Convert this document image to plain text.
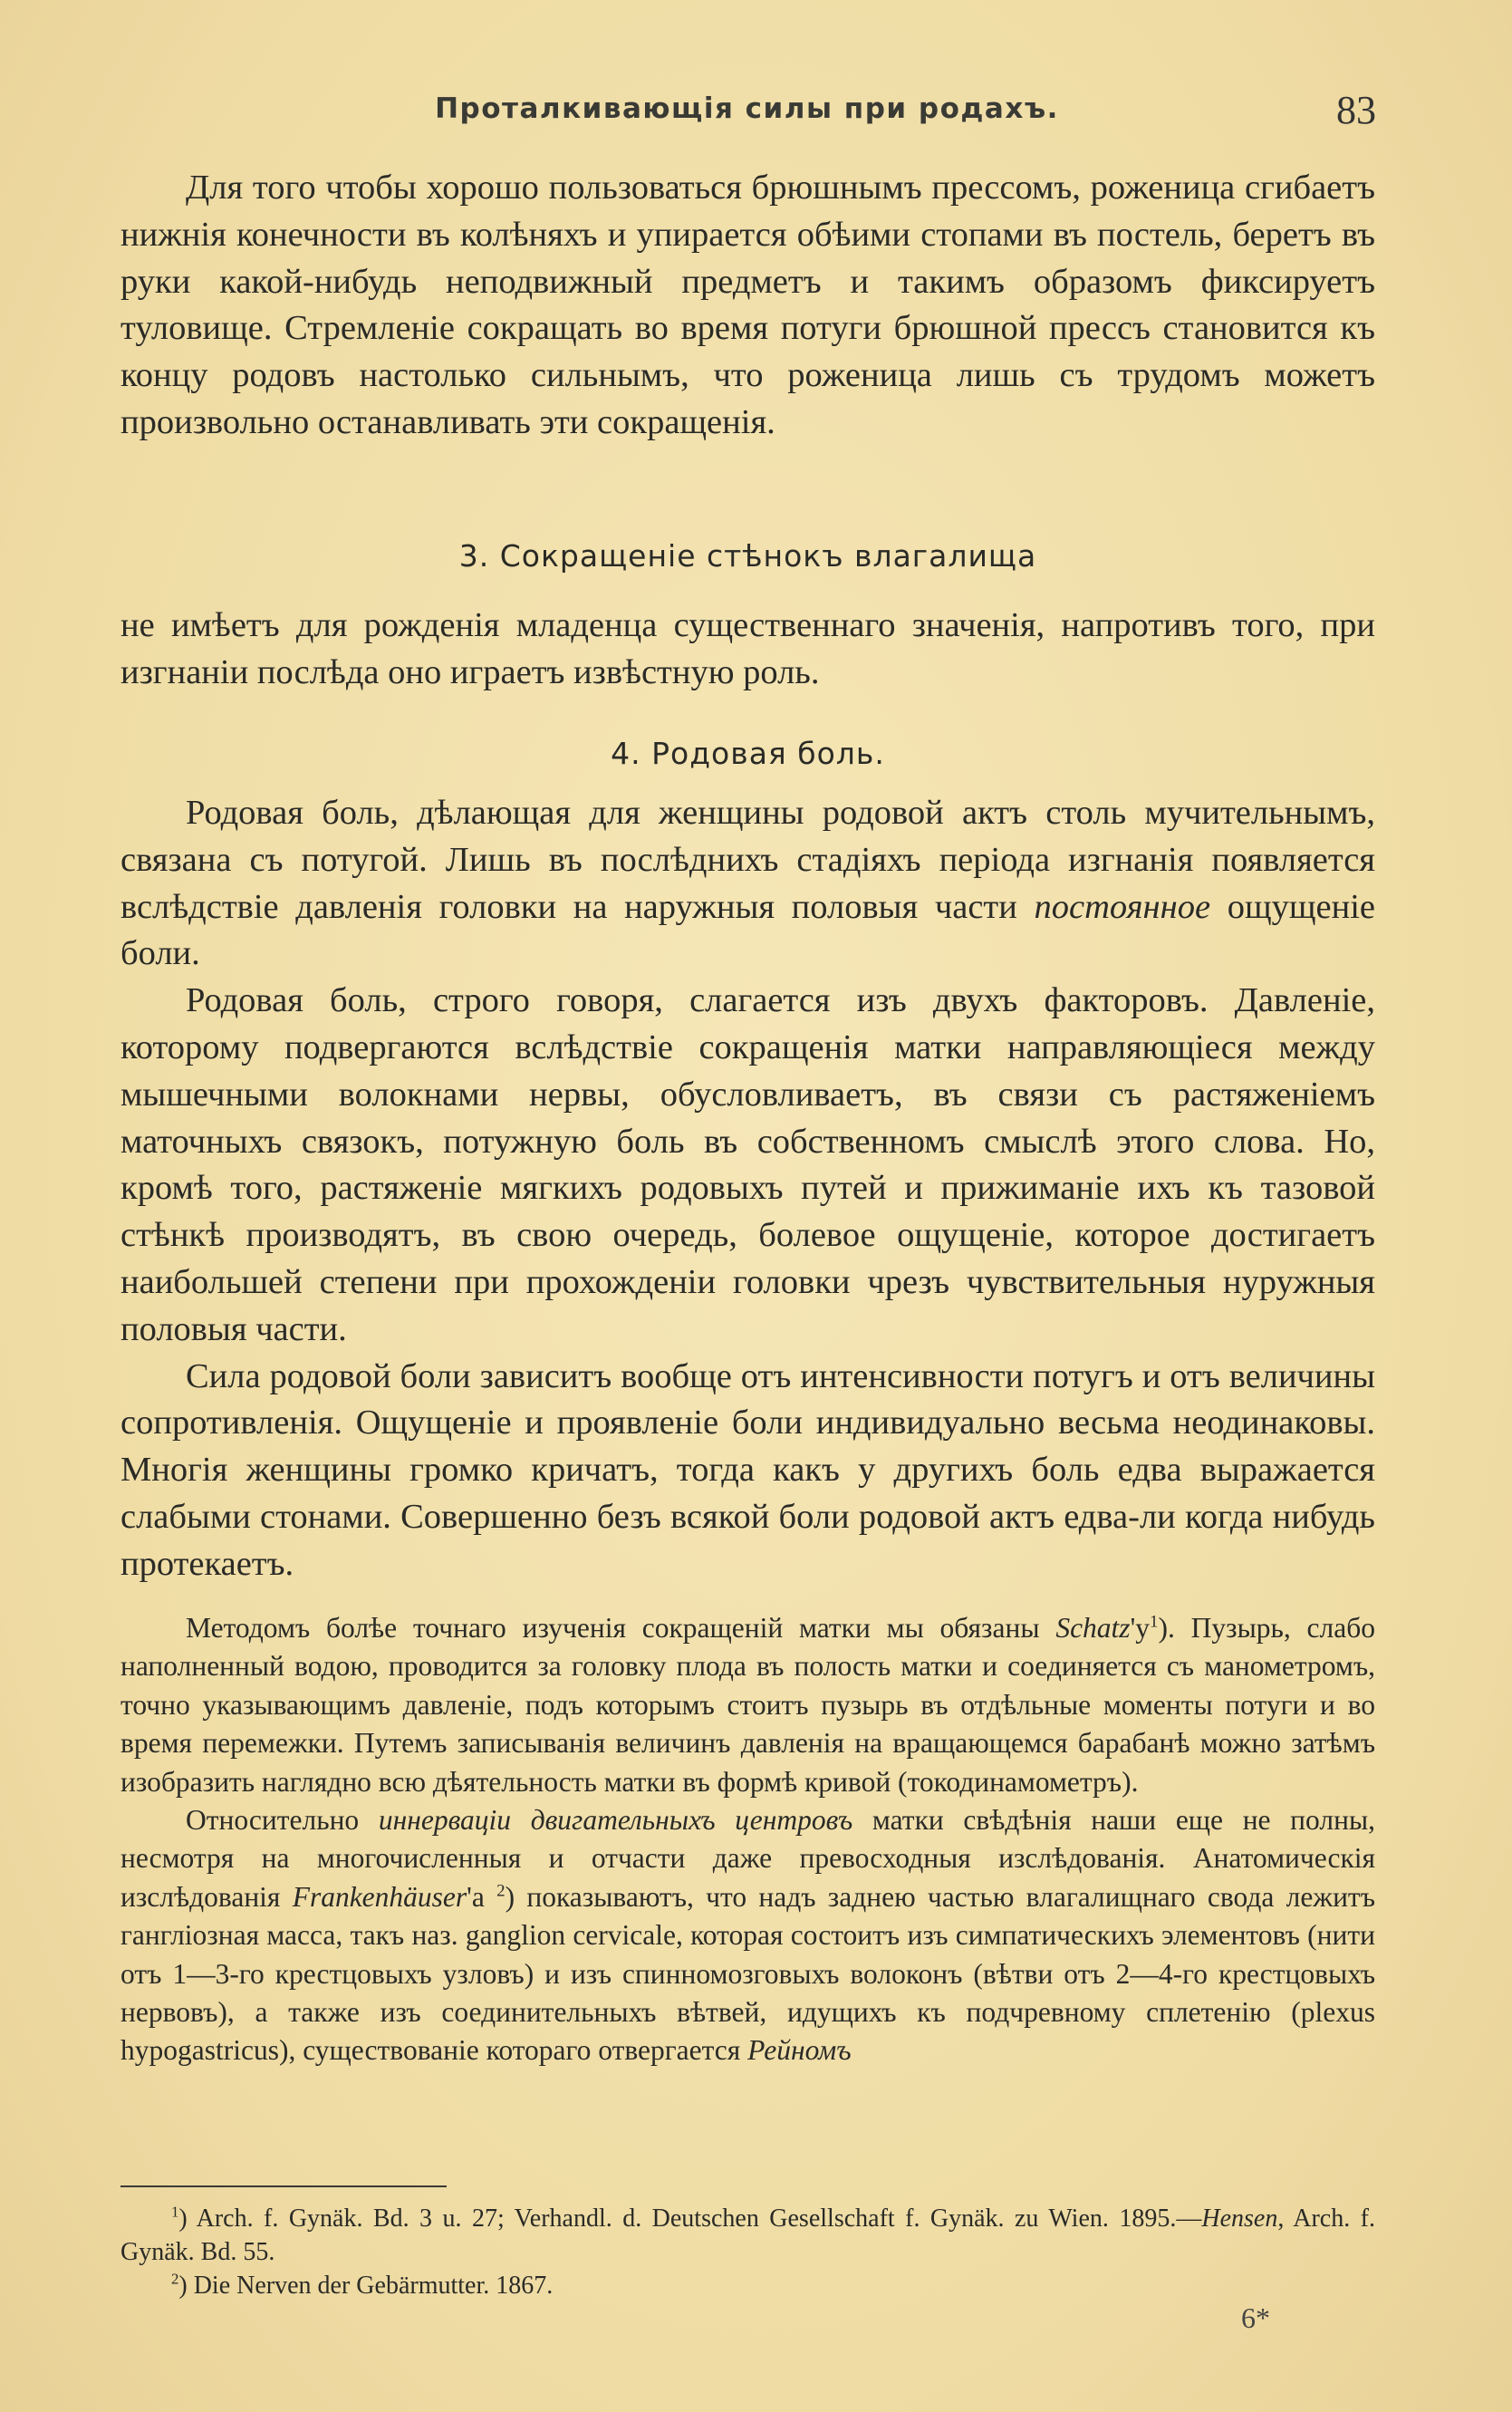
Проталкивающія силы при родахъ.	83

Для того чтобы хорошо пользоваться брюшнымъ прессомъ, роженица сгибаетъ нижнія конечности въ колѣняхъ и упирается обѣими стопами въ постель, беретъ въ руки какой-нибудь неподвижный предметъ и такимъ образомъ фиксируетъ туловище. Стремленіе сокращать во время потуги брюшной прессъ становится къ концу родовъ настолько сильнымъ, что роженица лишь съ трудомъ можетъ произвольно останавливать эти сокращенія.

3. Сокращеніе стѣнокъ влагалища

не имѣетъ для рожденія младенца существеннаго значенія, напротивъ того, при изгнаніи послѣда оно играетъ извѣстную роль.

4. Родовая боль.

Родовая боль, дѣлающая для женщины родовой актъ столь мучительнымъ, связана съ потугой. Лишь въ послѣднихъ стадіяхъ періода изгнанія появляется вслѣдствіе давленія головки на наружныя половыя части постоянное ощущеніе боли.

Родовая боль, строго говоря, слагается изъ двухъ факторовъ. Давленіе, которому подвергаются вслѣдствіе сокращенія матки направляющіеся между мышечными волокнами нервы, обусловливаетъ, въ связи съ растяженіемъ маточныхъ связокъ, потужную боль въ собственномъ смыслѣ этого слова. Но, кромѣ того, растяженіе мягкихъ родовыхъ путей и прижиманіе ихъ къ тазовой стѣнкѣ производятъ, въ свою очередь, болевое ощущеніе, которое достигаетъ наибольшей степени при прохожденіи головки чрезъ чувствительныя нуружныя половыя части.

Сила родовой боли зависитъ вообще отъ интенсивности потугъ и отъ величины сопротивленія. Ощущеніе и проявленіе боли индивидуально весьма неодинаковы. Многія женщины громко кричатъ, тогда какъ у другихъ боль едва выражается слабыми стонами. Совершенно безъ всякой боли родовой актъ едва-ли когда нибудь протекаетъ.

Методомъ болѣе точнаго изученія сокращеній матки мы обязаны $Schatz'у^1$). Пузырь, слабо наполненный водою, проводится за головку плода въ полость матки и соединяется съ манометромъ, точно указывающимъ давленіе, подъ которымъ стоитъ пузырь въ отдѣльные моменты потуги и во время перемежки. Путемъ записыванія величинъ давленія на вращающемся барабанѣ можно затѣмъ изобразить наглядно всю дѣятельность матки въ формѣ кривой (токодинамометръ).

Относительно иннерваціи двигательныхъ центровъ матки свѣдѣнія наши еще не полны, несмотря на многочисленныя и отчасти даже превосходныя изслѣдованія. Анатомическія изслѣдованія Frankenhäuser'а $^2$) показываютъ, что надъ заднею частью влагалищнаго свода лежитъ ганглiозная масса, такъ наз. ganglion cervicale, которая состоитъ изъ симпатическихъ элементовъ (нити отъ 1—3-го крестцовыхъ узловъ) и изъ спинномозговыхъ волоконъ (вѣтви отъ 2—4-го крестцовыхъ нервовъ), а также изъ соединительныхъ вѣтвей, идущихъ къ подчревному сплетенію (plexus hypogastricus), существованіе котораго отвергается Рейномъ

$^1$) Arch. f. Gynäk. Bd. 3 u. 27; Verhandl. d. Deutschen Gesellschaft f. Gynäk. zu Wien. 1895.—Hensen, Arch. f. Gynäk. Bd. 55.

$^2$) Die Nerven der Gebärmutter. 1867.

6*
